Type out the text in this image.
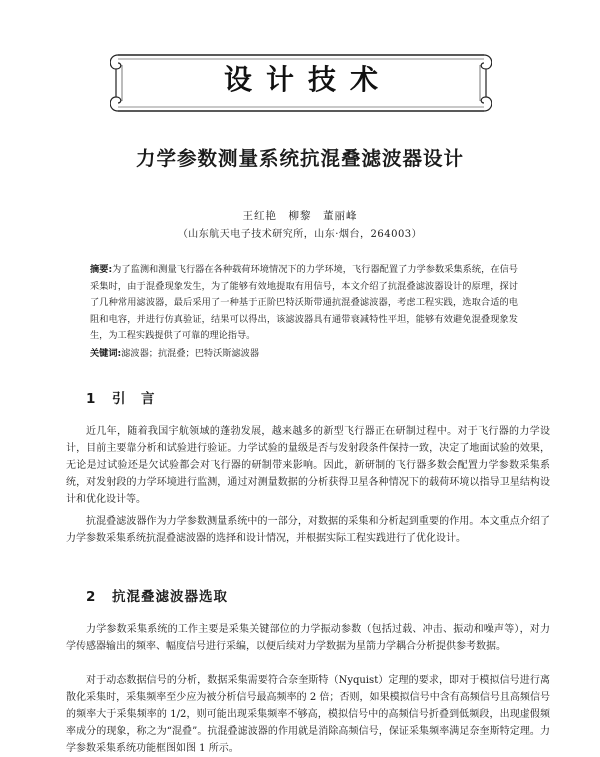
设计技术
力学参数测量系统抗混叠滤波器设计
王红艳　柳黎　董丽峰
（山东航天电子技术研究所，山东·烟台，264003）

摘要:为了监测和测量飞行器在各种载荷环境情况下的力学环境，飞行器配置了力学参数采集系统，在信号采集时，由于混叠现象发生，为了能够有效地提取有用信号，本文介绍了抗混叠滤波器设计的原理，探讨了几种常用滤波器，最后采用了一种基于正阶巴特沃斯带通抗混叠滤波器，考虑工程实践，选取合适的电阻和电容，并进行仿真验证，结果可以得出，该滤波器具有通带衰减特性平坦，能够有效避免混叠现象发生，为工程实践提供了可靠的理论指导。

关键词:滤波器；抗混叠；巴特沃斯滤波器
1 引　言

近几年，随着我国宇航领域的蓬勃发展，越来越多的新型飞行器正在研制过程中。对于飞行器的力学设计，目前主要靠分析和试验进行验证。力学试验的量级是否与发射段条件保持一致，决定了地面试验的效果，无论是过试验还是欠试验都会对飞行器的研制带来影响。因此，新研制的飞行器多数会配置力学参数采集系统，对发射段的力学环境进行监测，通过对测量数据的分析获得卫星各种情况下的载荷环境以指导卫星结构设计和优化设计等。

抗混叠滤波器作为力学参数测量系统中的一部分，对数据的采集和分析起到重要的作用。本文重点介绍了力学参数采集系统抗混叠滤波器的选择和设计情况，并根据实际工程实践进行了优化设计。

2 抗混叠滤波器选取

力学参数采集系统的工作主要是采集关键部位的力学振动参数（包括过载、冲击、振动和噪声等），对力学传感器输出的频率、幅度信号进行采编，以便后续对力学数据为星箭力学耦合分析提供参考数据。

对于动态数据信号的分析，数据采集需要符合奈奎斯特（Nyquist）定理的要求，即对于模拟信号进行离散化采集时，采集频率至少应为被分析信号最高频率的 2 倍；否则，如果模拟信号中含有高频信号且高频信号的频率大于采集频率的 1/2，则可能出现采集频率不够高，模拟信号中的高频信号折叠到低频段，出现虚假频率成分的现象，称之为“混叠”。抗混叠滤波器的作用就是消除高频信号，保证采集频率满足奈奎斯特定理。力学参数采集系统功能框图如图 1 所示。
